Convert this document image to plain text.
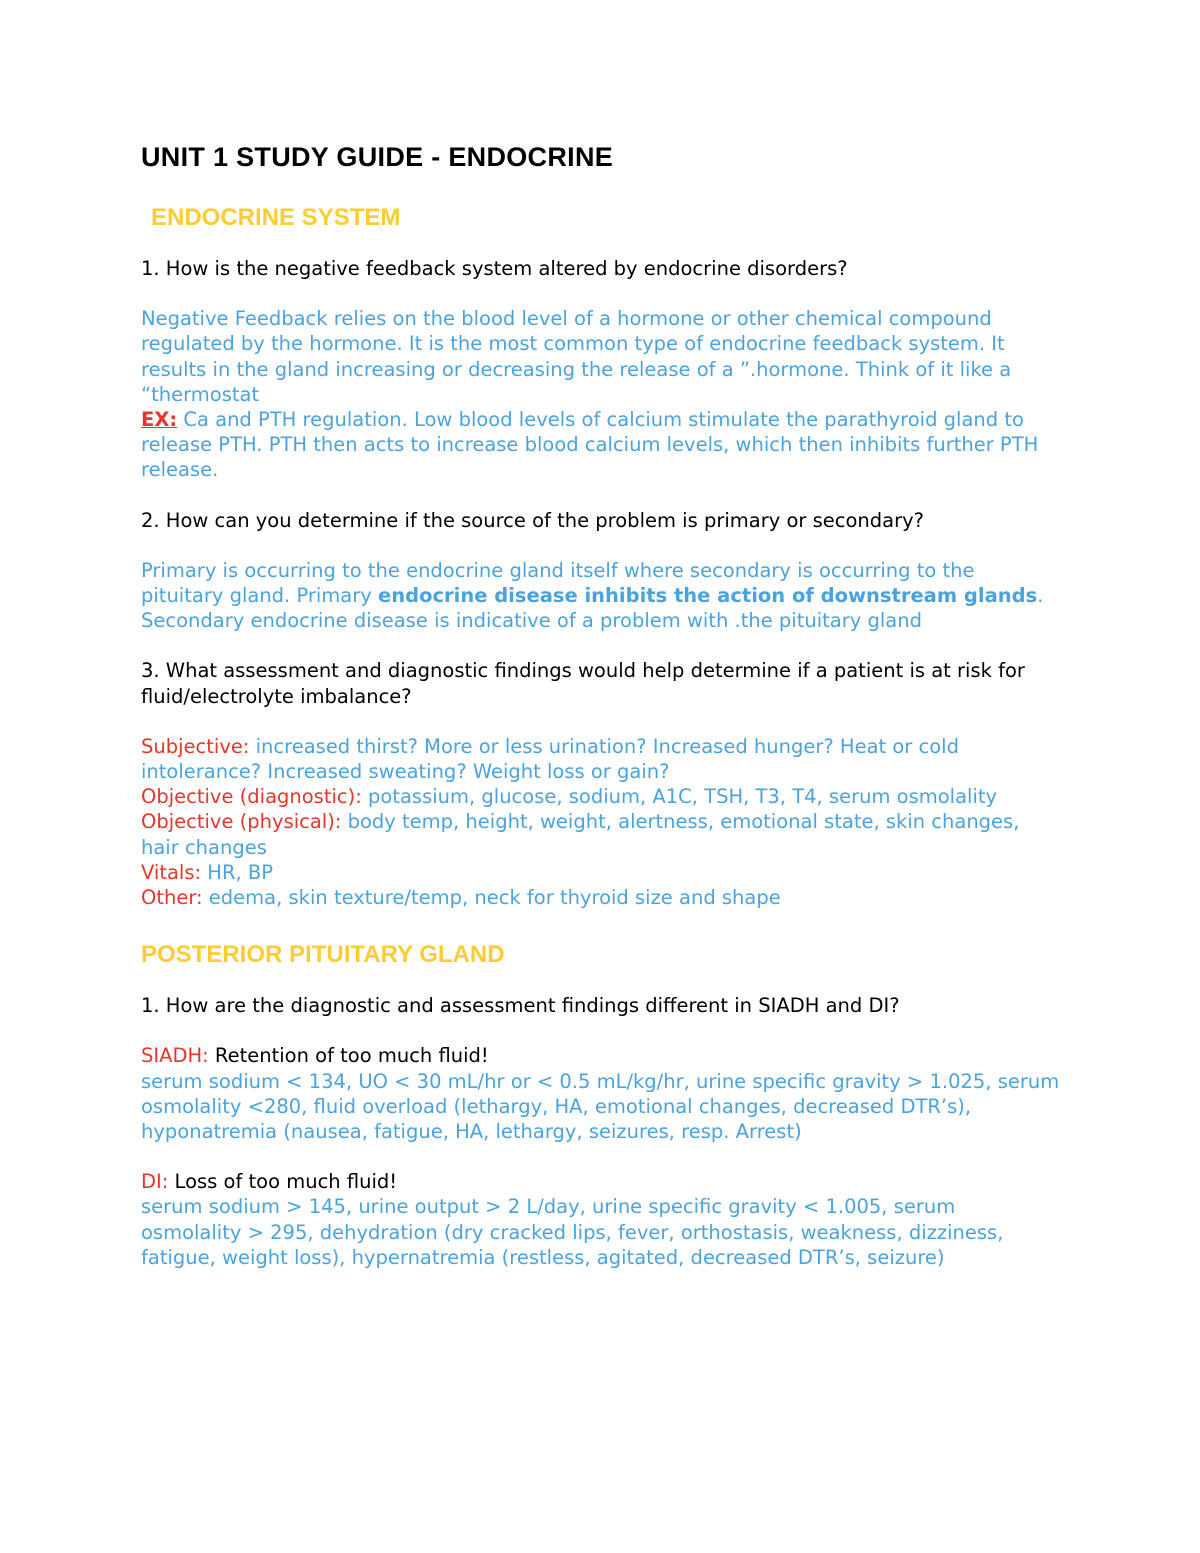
UNIT 1 STUDY GUIDE - ENDOCRINE
ENDOCRINE SYSTEM

1. How is the negative feedback system altered by endocrine disorders?

Negative Feedback relies on the blood level of a hormone or other chemical compound regulated by the hormone. It is the most common type of endocrine feedback system. It results in the gland increasing or decreasing the release of a ”.hormone. Think of it like a “thermostat
EX: Ca and PTH regulation. Low blood levels of calcium stimulate the parathyroid gland to release PTH. PTH then acts to increase blood calcium levels, which then inhibits further PTH release.

2. How can you determine if the source of the problem is primary or secondary?

Primary is occurring to the endocrine gland itself where secondary is occurring to the pituitary gland. Primary endocrine disease inhibits the action of downstream glands. Secondary endocrine disease is indicative of a problem with .the pituitary gland

3. What assessment and diagnostic findings would help determine if a patient is at risk for fluid/electrolyte imbalance?

Subjective: increased thirst? More or less urination? Increased hunger? Heat or cold intolerance? Increased sweating? Weight loss or gain?

Objective (diagnostic): potassium, glucose, sodium, A1C, TSH, T3, T4, serum osmolality

Objective (physical): body temp, height, weight, alertness, emotional state, skin changes, hair changes

Vitals: HR, BP

Other: edema, skin texture/temp, neck for thyroid size and shape

POSTERIOR PITUITARY GLAND

1. How are the diagnostic and assessment findings different in SIADH and DI?

SIADH: Retention of too much fluid!
serum sodium < 134, UO < 30 mL/hr or < 0.5 mL/kg/hr, urine specific gravity > 1.025, serum osmolality <280, fluid overload (lethargy, HA, emotional changes, decreased DTR’s), hyponatremia (nausea, fatigue, HA, lethargy, seizures, resp. Arrest)

DI: Loss of too much fluid!
serum sodium > 145, urine output > 2 L/day, urine specific gravity < 1.005, serum osmolality > 295, dehydration (dry cracked lips, fever, orthostasis, weakness, dizziness, fatigue, weight loss), hypernatremia (restless, agitated, decreased DTR’s, seizure)
